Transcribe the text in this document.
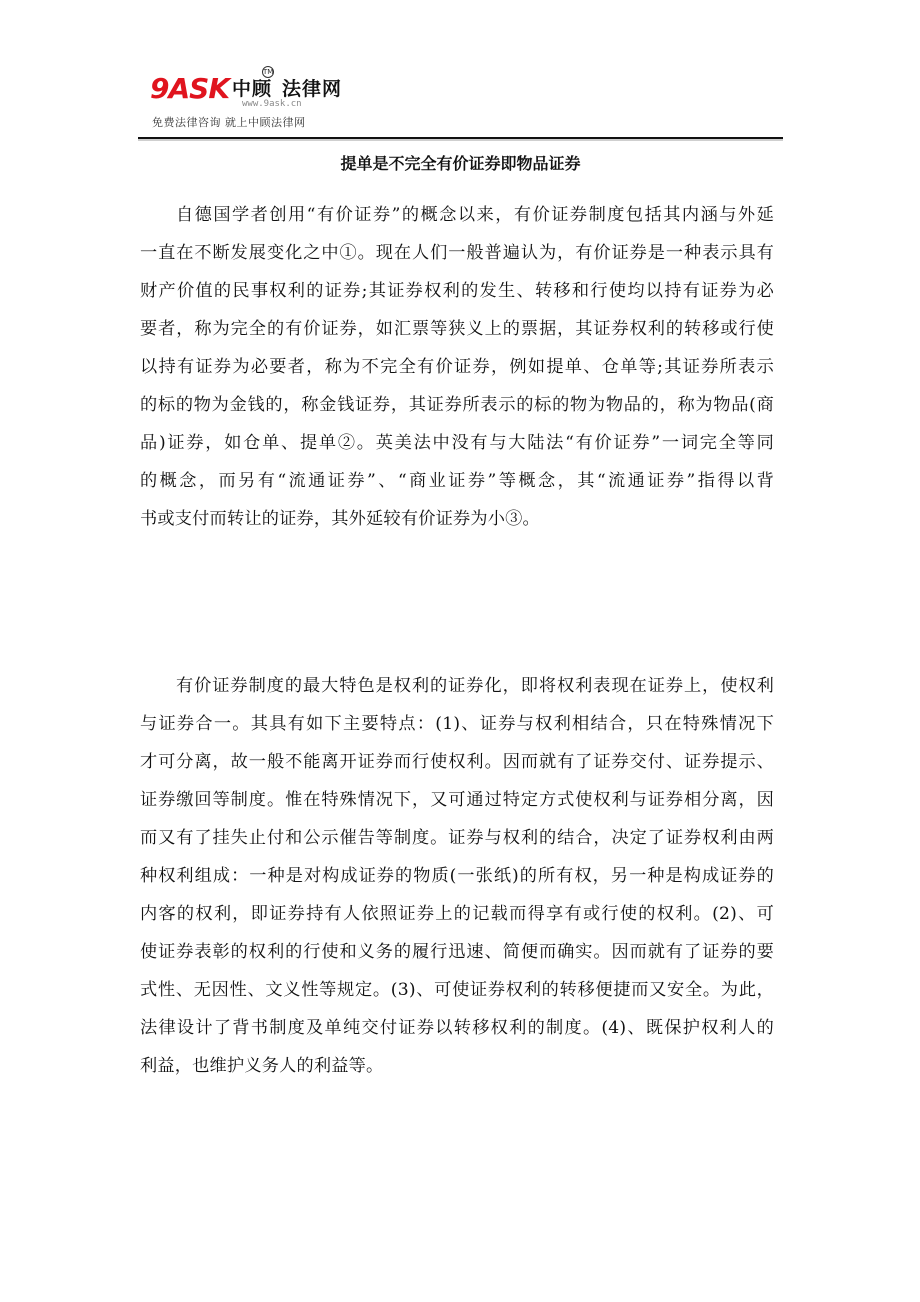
9ASK 中顾 法律网
TM
www.9ask.cn
免费法律咨询 就上中顾法律网
提单是不完全有价证券即物品证券
自德国学者创用“有价证券”的概念以来，有价证券制度包括其内涵与外延
一直在不断发展变化之中①。现在人们一般普遍认为，有价证券是一种表示具有
财产价值的民事权利的证券;其证券权利的发生、转移和行使均以持有证券为必
要者，称为完全的有价证券，如汇票等狭义上的票据，其证券权利的转移或行使
以持有证券为必要者，称为不完全有价证券，例如提单、仓单等;其证券所表示
的标的物为金钱的，称金钱证券，其证券所表示的标的物为物品的，称为物品(商
品)证券，如仓单、提单②。英美法中没有与大陆法“有价证券”一词完全等同
的概念，而另有“流通证券”、“商业证券”等概念，其“流通证券”指得以背
书或支付而转让的证券，其外延较有价证券为小③。
有价证券制度的最大特色是权利的证券化，即将权利表现在证券上，使权利
与证券合一。其具有如下主要特点：(1)、证券与权利相结合，只在特殊情况下
才可分离，故一般不能离开证券而行使权利。因而就有了证券交付、证券提示、
证券缴回等制度。惟在特殊情况下，又可通过特定方式使权利与证券相分离，因
而又有了挂失止付和公示催告等制度。证券与权利的结合，决定了证券权利由两
种权利组成：一种是对构成证券的物质(一张纸)的所有权，另一种是构成证券的
内客的权利，即证券持有人依照证券上的记载而得享有或行使的权利。(2)、可
使证券表彰的权利的行使和义务的履行迅速、简便而确实。因而就有了证券的要
式性、无因性、文义性等规定。(3)、可使证券权利的转移便捷而又安全。为此，
法律设计了背书制度及单纯交付证券以转移权利的制度。(4)、既保护权利人的
利益，也维护义务人的利益等。
